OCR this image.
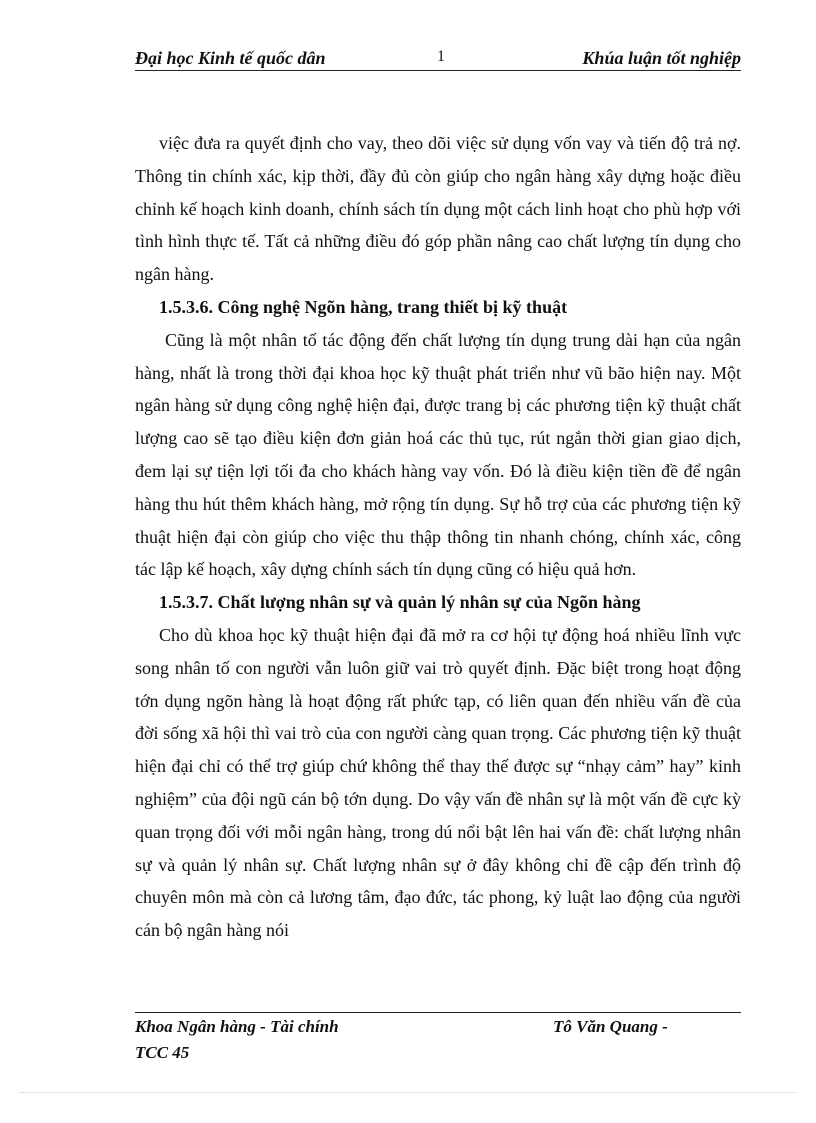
Đại học Kinh tế quốc dân	1	Khúa luận tốt nghiệp

việc đưa ra quyết định cho vay, theo dõi việc sử dụng vốn vay và tiến độ trả nợ. Thông tin chính xác, kịp thời, đầy đủ còn giúp cho ngân hàng xây dựng hoặc điều chỉnh kế hoạch kinh doanh, chính sách tín dụng một cách linh hoạt cho phù hợp với tình hình thực tế. Tất cả những điều đó góp phần nâng cao chất lượng tín dụng cho ngân hàng.

1.5.3.6. Công nghệ Ngõn hàng, trang thiết bị kỹ thuật

Cũng là một nhân tố tác động đến chất lượng tín dụng trung dài hạn của ngân hàng, nhất là trong thời đại khoa học kỹ thuật phát triển như vũ bão hiện nay. Một ngân hàng sử dụng công nghệ hiện đại, được trang bị các phương tiện kỹ thuật chất lượng cao sẽ tạo điều kiện đơn giản hoá các thủ tục, rút ngắn thời gian giao dịch, đem lại sự tiện lợi tối đa cho khách hàng vay vốn. Đó là điều kiện tiền đề để ngân hàng thu hút thêm khách hàng, mở rộng tín dụng. Sự hỗ trợ của các phương tiện kỹ thuật hiện đại còn giúp cho việc thu thập thông tin nhanh chóng, chính xác, công tác lập kế hoạch, xây dựng chính sách tín dụng cũng có hiệu quả hơn.

1.5.3.7. Chất lượng nhân sự và quản lý nhân sự của Ngõn hàng

Cho dù khoa học kỹ thuật hiện đại đã mở ra cơ hội tự động hoá nhiều lĩnh vực song nhân tố con người vẫn luôn giữ vai trò quyết định. Đặc biệt trong hoạt động tớn dụng ngõn hàng là hoạt động rất phức tạp, có liên quan đến nhiều vấn đề của đời sống xã hội thì vai trò của con người càng quan trọng. Các phương tiện kỹ thuật hiện đại chỉ có thể trợ giúp chứ không thể thay thế được sự “nhạy cảm” hay” kinh nghiệm” của đội ngũ cán bộ tớn dụng. Do vậy vấn đề nhân sự là một vấn đề cực kỳ quan trọng đối với mỗi ngân hàng, trong dú nổi bật lên hai vấn đề: chất lượng nhân sự và quản lý nhân sự. Chất lượng nhân sự ở đây không chỉ đề cập đến trình độ chuyên môn mà còn cả lương tâm, đạo đức, tác phong, kỷ luật lao động của người cán bộ ngân hàng nói

Khoa Ngân hàng - Tài chính	Tô Văn Quang -
TCC 45
